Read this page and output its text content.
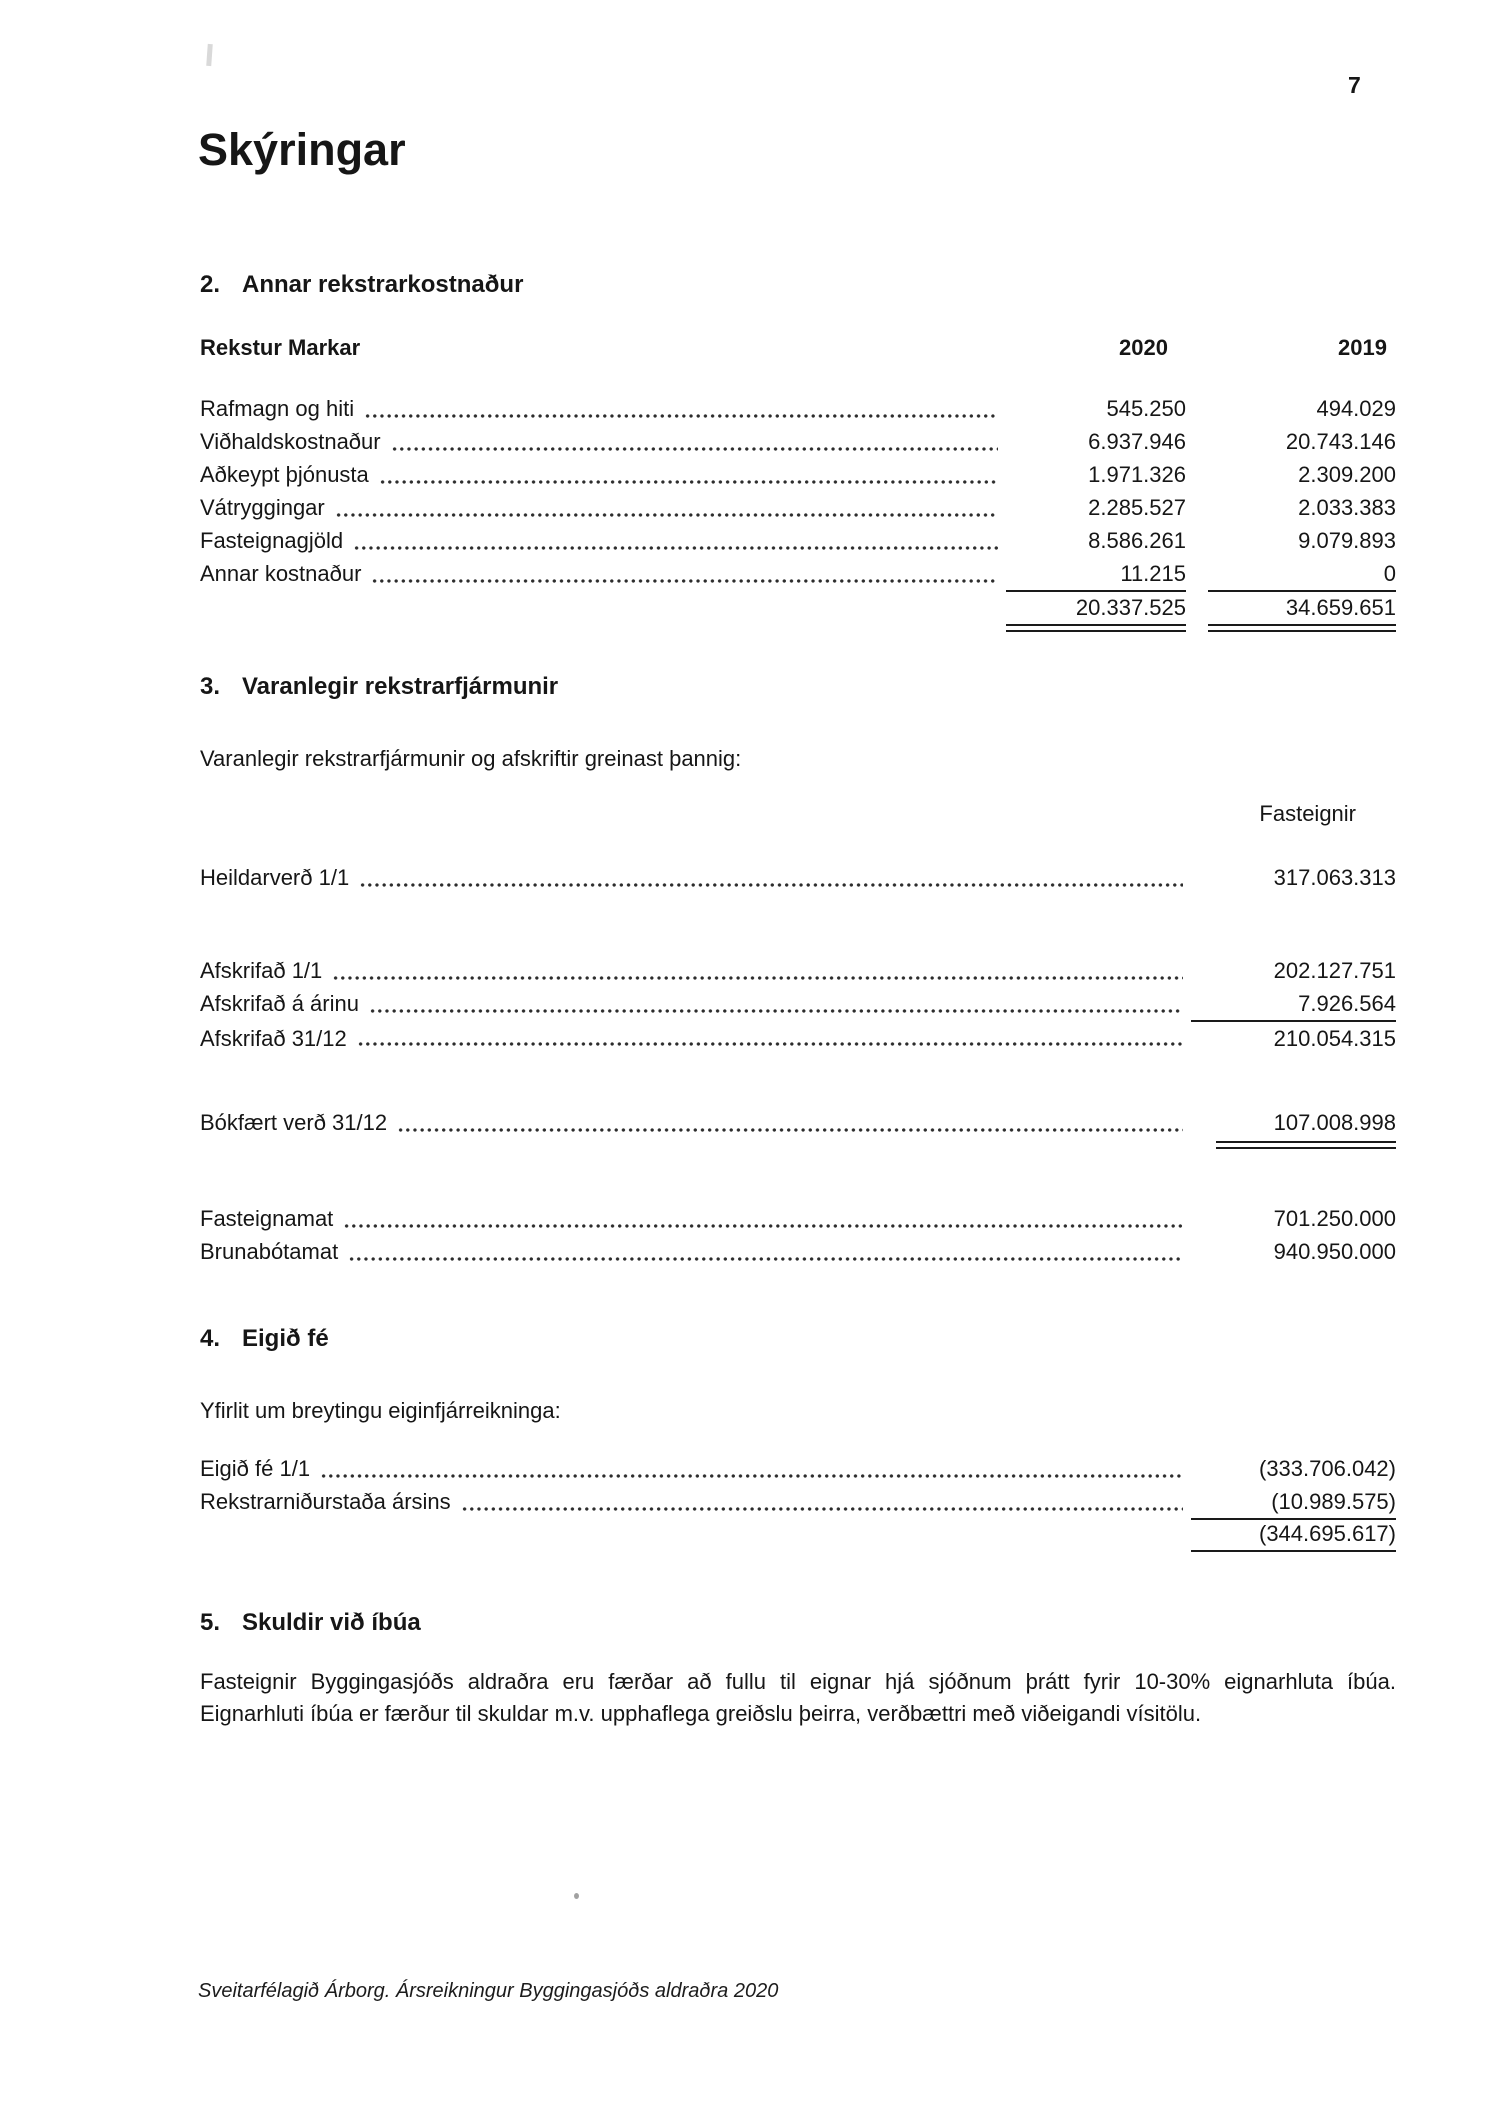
7
Skýringar
2. Annar rekstrarkostnaður
Rekstur Markar	2020	2019
Rafmagn og hiti	545.250	494.029
Viðhaldskostnaður	6.937.946	20.743.146
Aðkeypt þjónusta	1.971.326	2.309.200
Vátryggingar	2.285.527	2.033.383
Fasteignagjöld	8.586.261	9.079.893
Annar kostnaður	11.215	0
20.337.525	34.659.651
3. Varanlegir rekstrarfjármunir
Varanlegir rekstrarfjármunir og afskriftir greinast þannig:
Fasteignir
Heildarverð 1/1	317.063.313
Afskrifað 1/1	202.127.751
Afskrifað á árinu	7.926.564
Afskrifað 31/12	210.054.315
Bókfært verð 31/12	107.008.998
Fasteignamat	701.250.000
Brunabótamat	940.950.000
4. Eigið fé
Yfirlit um breytingu eiginfjárreikninga:
Eigið fé 1/1	(333.706.042)
Rekstrarniðurstaða ársins	(10.989.575)
(344.695.617)
5. Skuldir við íbúa
Fasteignir Byggingasjóðs aldraðra eru færðar að fullu til eignar hjá sjóðnum þrátt fyrir 10-30% eignarhluta íbúa.
Eignarhluti íbúa er færður til skuldar m.v. upphaflega greiðslu þeirra, verðbættri með viðeigandi vísitölu.
Sveitarfélagið Árborg. Ársreikningur Byggingasjóðs aldraðra 2020
